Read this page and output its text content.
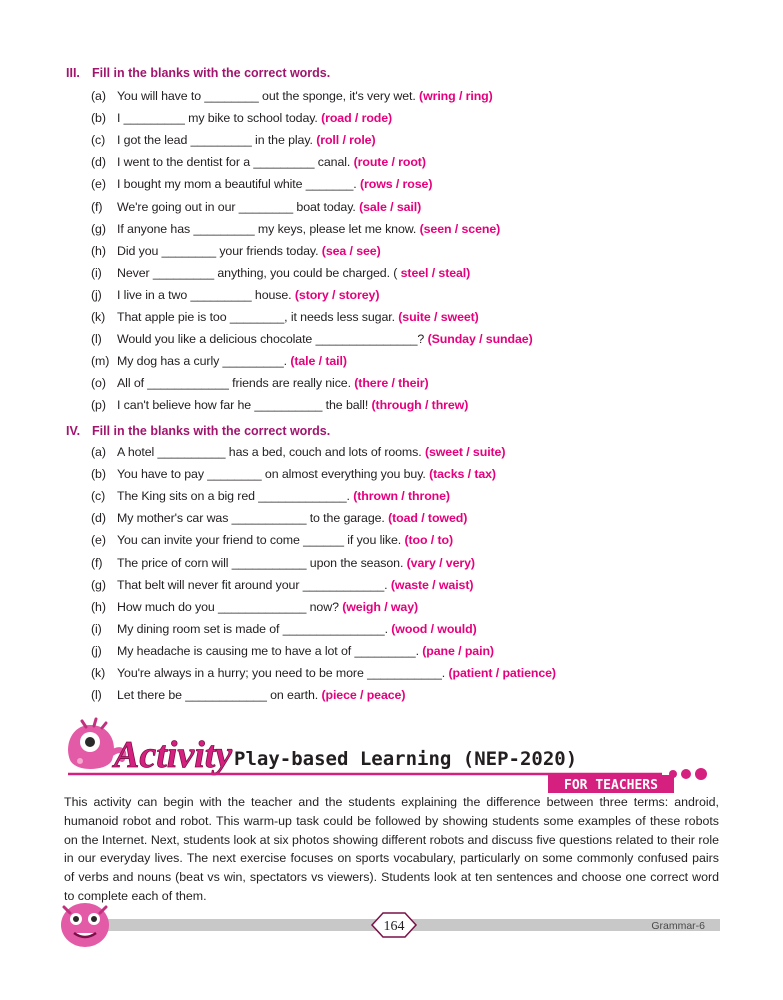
III. Fill in the blanks with the correct words.
(a) You will have to ________ out the sponge, it's very wet. (wring / ring)
(b) I _________ my bike to school today. (road / rode)
(c) I got the lead _________ in the play. (roll / role)
(d) I went to the dentist for a _________ canal. (route / root)
(e) I bought my mom a beautiful white _______. (rows / rose)
(f) We're going out in our ________ boat today. (sale / sail)
(g) If anyone has _________ my keys, please let me know. (seen / scene)
(h) Did you ________ your friends today. (sea / see)
(i) Never _________ anything, you could be charged. ( steel / steal)
(j) I live in a two _________ house. (story / storey)
(k) That apple pie is too ________, it needs less sugar. (suite / sweet)
(l) Would you like a delicious chocolate _______________? (Sunday / sundae)
(m) My dog has a curly _________. (tale / tail)
(o) All of ____________ friends are really nice. (there / their)
(p) I can't believe how far he __________ the ball! (through / threw)
IV. Fill in the blanks with the correct words.
(a) A hotel __________ has a bed, couch and lots of rooms. (sweet / suite)
(b) You have to pay ________ on almost everything you buy. (tacks / tax)
(c) The King sits on a big red _____________. (thrown / throne)
(d) My mother's car was ___________ to the garage. (toad / towed)
(e) You can invite your friend to come ______ if you like. (too / to)
(f) The price of corn will ___________ upon the season. (vary / very)
(g) That belt will never fit around your ____________. (waste / waist)
(h) How much do you _____________ now? (weigh / way)
(i) My dining room set is made of _______________. (wood / would)
(j) My headache is causing me to have a lot of _________. (pane / pain)
(k) You're always in a hurry; you need to be more ___________. (patient / patience)
(l) Let there be ____________ on earth. (piece / peace)
Activity Play-based Learning (NEP-2020)
FOR TEACHERS
This activity can begin with the teacher and the students explaining the difference between three terms: android, humanoid robot and robot. This warm-up task could be followed by showing students some examples of these robots on the Internet. Next, students look at six photos showing different robots and discuss five questions related to their role in our everyday lives. The next exercise focuses on sports vocabulary, particularly on some commonly confused pairs of verbs and nouns (beat vs win, spectators vs viewers). Students look at ten sentences and choose one correct word to complete each of them.
164	Grammar-6
